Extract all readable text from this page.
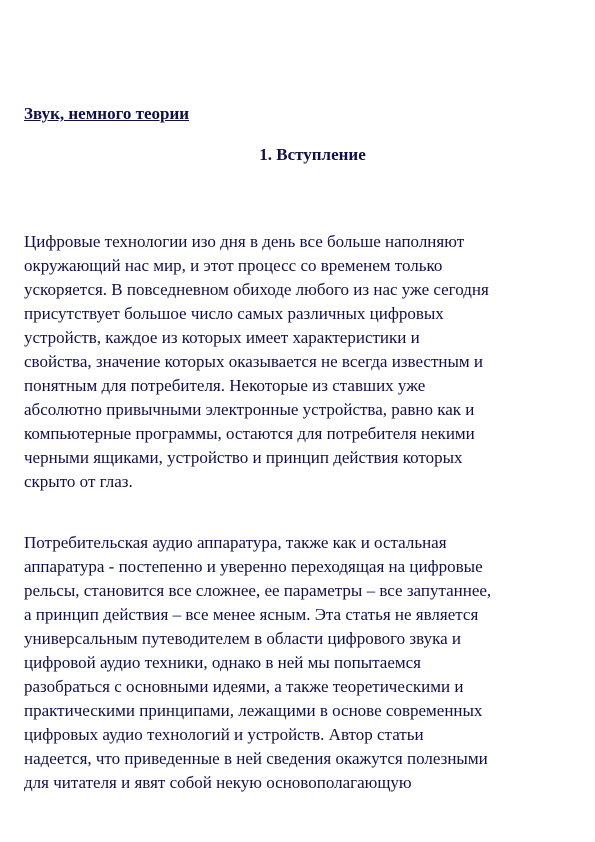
Звук, немного теории
1. Вступление
Цифровые технологии изо дня в день все больше наполняют
окружающий нас мир, и этот процесс со временем только
ускоряется. В повседневном обиходе любого из нас уже сегодня
присутствует большое число самых различных цифровых
устройств, каждое из которых имеет характеристики и
свойства, значение которых оказывается не всегда известным и
понятным для потребителя. Некоторые из ставших уже
абсолютно привычными электронные устройства, равно как и
компьютерные программы, остаются для потребителя некими
черными ящиками, устройство и принцип действия которых
скрыто от глаз.
Потребительская аудио аппаратура, также как и остальная
аппаратура - постепенно и уверенно переходящая на цифровые
рельсы, становится все сложнее, ее параметры – все запутаннее,
а принцип действия – все менее ясным. Эта статья не является
универсальным путеводителем в области цифрового звука и
цифровой аудио техники, однако в ней мы попытаемся
разобраться с основными идеями, а также теоретическими и
практическими принципами, лежащими в основе современных
цифровых аудио технологий и устройств. Автор статьи
надеется, что приведенные в ней сведения окажутся полезными
для читателя и явят собой некую основополагающую
